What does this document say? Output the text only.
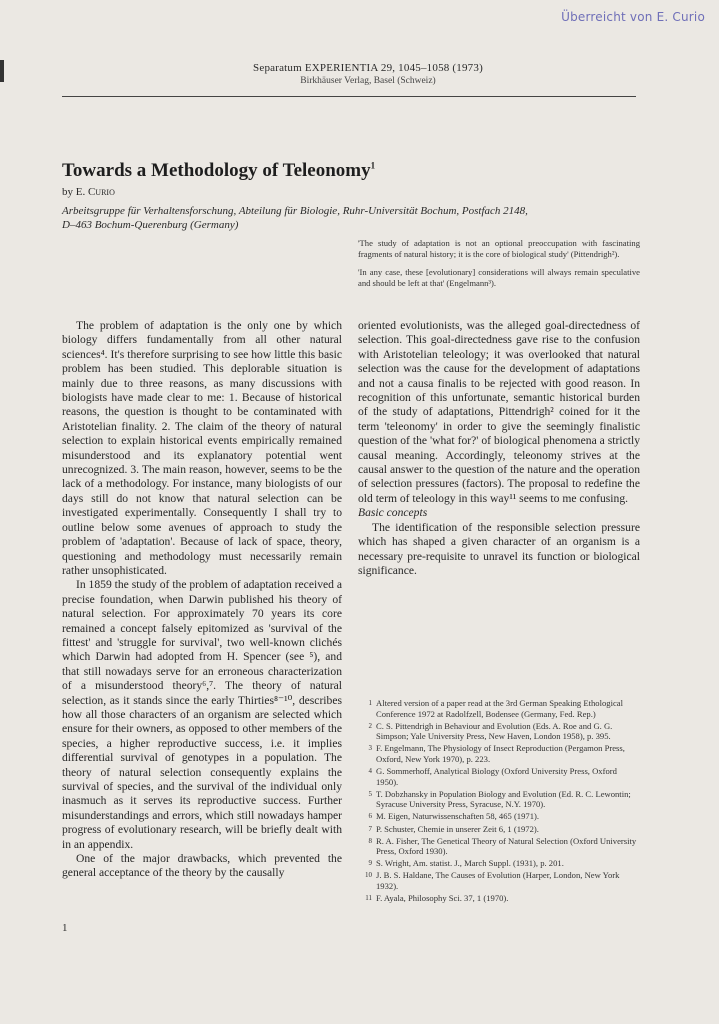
Überreicht von E. Curio
Separatum EXPERIENTIA 29, 1045–1058 (1973)
Birkhäuser Verlag, Basel (Schweiz)
Towards a Methodology of Teleonomy$^1$
by E. Curio
Arbeitsgruppe für Verhaltensforschung, Abteilung für Biologie, Ruhr-Universität Bochum, Postfach 2148, D–463 Bochum-Querenburg (Germany)

'The study of adaptation is not an optional preoccupation with fascinating fragments of natural history; it is the core of biological study' (Pittendrigh²).

'In any case, these [evolutionary] considerations will always remain speculative and should be left at that' (Engelmann³).

The problem of adaptation is the only one by which biology differs fundamentally from all other natural sciences⁴. It's therefore surprising to see how little this basic problem has been studied. This deplorable situation is mainly due to three reasons, as many discussions with biologists have made clear to me: 1. Because of historical reasons, the question is thought to be contaminated with Aristotelian finality. 2. The claim of the theory of natural selection to explain historical events empirically remained misunderstood and its explanatory potential went unrecognized. 3. The main reason, however, seems to be the lack of a methodology. For instance, many biologists of our days still do not know that natural selection can be investigated experimentally. Consequently I shall try to outline below some avenues of approach to study the problem of 'adaptation'. Because of lack of space, theory, questioning and methodology must necessarily remain rather unsophisticated.

In 1859 the study of the problem of adaptation received a precise foundation, when Darwin published his theory of natural selection. For approximately 70 years its core remained a concept falsely epitomized as 'survival of the fittest' and 'struggle for survival', two well-known clichés which Darwin had adopted from H. Spencer (see ⁵), and that still nowadays serve for an erroneous characterization of a misunderstood theory⁶,⁷. The theory of natural selection, as it stands since the early Thirties⁸⁻¹⁰, describes how all those characters of an organism are selected which ensure for their owners, as opposed to other members of the species, a higher reproductive success, i.e. it implies differential survival of genotypes in a population. The theory of natural selection consequently explains the survival of species, and the survival of the individual only inasmuch as it serves its reproductive success. Further misunderstandings and errors, which still nowadays hamper progress of evolutionary research, will be briefly dealt with in an appendix.

One of the major drawbacks, which prevented the general acceptance of the theory by the causally

oriented evolutionists, was the alleged goal-directedness of selection. This goal-directedness gave rise to the confusion with Aristotelian teleology; it was overlooked that natural selection was the cause for the development of adaptations and not a causa finalis to be rejected with good reason. In recognition of this unfortunate, semantic historical burden of the study of adaptations, Pittendrigh² coined for it the term 'teleonomy' in order to give the seemingly finalistic question of the 'what for?' of biological phenomena a strictly causal meaning. Accordingly, teleonomy strives at the causal answer to the question of the nature and the operation of selection pressures (factors). The proposal to redefine the old term of teleology in this way¹¹ seems to me confusing.

Basic concepts

The identification of the responsible selection pressure which has shaped a given character of an organism is a necessary pre-requisite to unravel its function or biological significance.

1 Altered version of a paper read at the 3rd German Speaking Ethological Conference 1972 at Radolfzell, Bodensee (Germany, Fed. Rep.)
2 C. S. Pittendrigh in Behaviour and Evolution (Eds. A. Roe and G. G. Simpson; Yale University Press, New Haven, London 1958), p. 395.
3 F. Engelmann, The Physiology of Insect Reproduction (Pergamon Press, Oxford, New York 1970), p. 223.
4 G. Sommerhoff, Analytical Biology (Oxford University Press, Oxford 1950).
5 T. Dobzhansky in Population Biology and Evolution (Ed. R. C. Lewontin; Syracuse University Press, Syracuse, N.Y. 1970).
6 M. Eigen, Naturwissenschaften 58, 465 (1971).
7 P. Schuster, Chemie in unserer Zeit 6, 1 (1972).
8 R. A. Fisher, The Genetical Theory of Natural Selection (Oxford University Press, Oxford 1930).
9 S. Wright, Am. statist. J., March Suppl. (1931), p. 201.
10 J. B. S. Haldane, The Causes of Evolution (Harper, London, New York 1932).
11 F. Ayala, Philosophy Sci. 37, 1 (1970).
1
